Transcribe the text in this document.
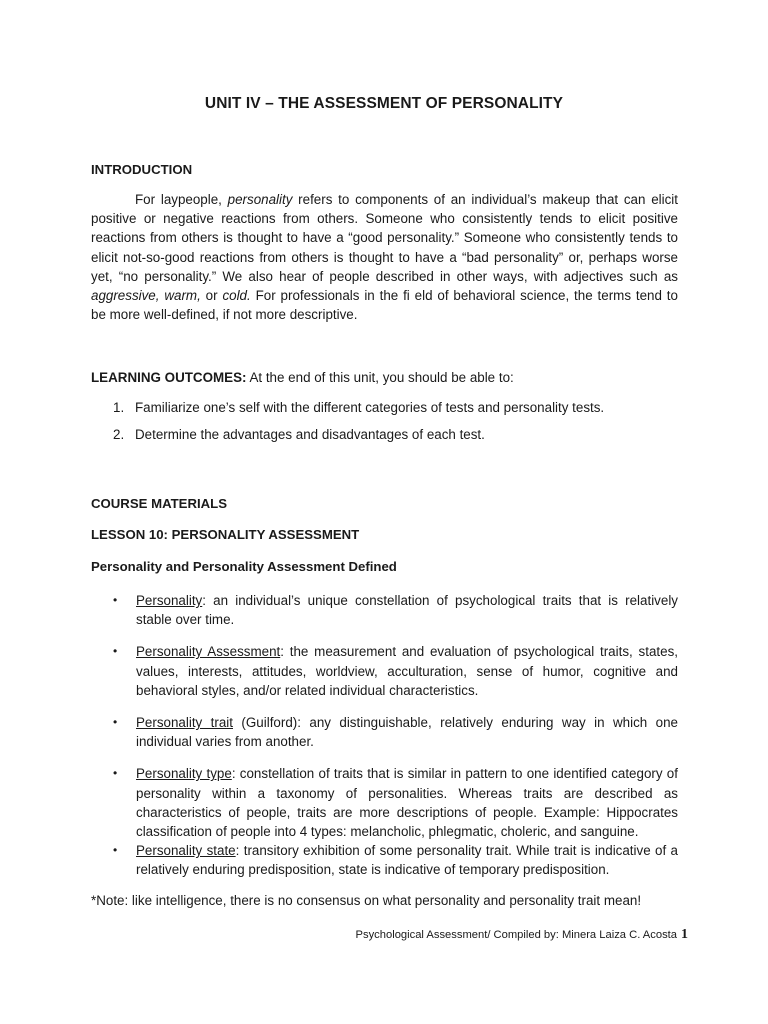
UNIT IV – THE ASSESSMENT OF PERSONALITY
INTRODUCTION
For laypeople, personality refers to components of an individual’s makeup that can elicit positive or negative reactions from others. Someone who consistently tends to elicit positive reactions from others is thought to have a “good personality.” Someone who consistently tends to elicit not-so-good reactions from others is thought to have a “bad personality” or, perhaps worse yet, “no personality.” We also hear of people described in other ways, with adjectives such as aggressive, warm, or cold. For professionals in the fi eld of behavioral science, the terms tend to be more well-defined, if not more descriptive.
LEARNING OUTCOMES: At the end of this unit, you should be able to:
1. Familiarize one’s self with the different categories of tests and personality tests.
2. Determine the advantages and disadvantages of each test.
COURSE MATERIALS
LESSON 10: PERSONALITY ASSESSMENT
Personality and Personality Assessment Defined
•	Personality: an individual’s unique constellation of psychological traits that is relatively stable over time.
•	Personality Assessment: the measurement and evaluation of psychological traits, states, values, interests, attitudes, worldview, acculturation, sense of humor, cognitive and behavioral styles, and/or related individual characteristics.
•	Personality trait (Guilford): any distinguishable, relatively enduring way in which one individual varies from another.
•	Personality type: constellation of traits that is similar in pattern to one identified category of personality within a taxonomy of personalities. Whereas traits are described as characteristics of people, traits are more descriptions of people. Example: Hippocrates classification of people into 4 types: melancholic, phlegmatic, choleric, and sanguine.
•	Personality state: transitory exhibition of some personality trait. While trait is indicative of a relatively enduring predisposition, state is indicative of temporary predisposition.
*Note: like intelligence, there is no consensus on what personality and personality trait mean!
Psychological Assessment/ Compiled by: Minera Laiza C. Acosta 1
